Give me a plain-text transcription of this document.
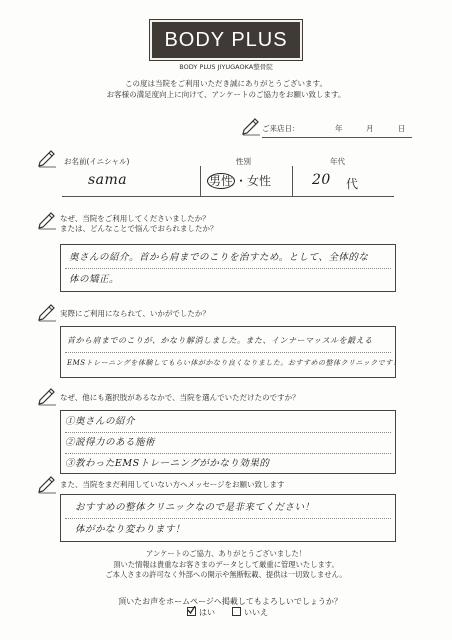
BODY PLUS
BODY PLUS JIYUGAOKA整骨院
この度は当院をご利用いただき誠にありがとうございます。
お客様の満足度向上に向けて、アンケートのご協力をお願い致します。
ご来店日：	年	月	日
お名前(イニシャル)	性別	年代
sama	男性 ・女性	20 代
なぜ、当院をご利用してくださいましたか？
または、どんなことで悩んでおられましたか？
奥さんの紹介。首から肩までのこりを治すため。として、全体的な
体の矯正。
実際にご利用になられて、いかがでしたか？
首から肩までのこりが、かなり解消しました。また、インナーマッスルを鍛える
EMSトレーニングを体験してもらい体がかなり良くなりました。おすすめの整体クリニックです！
なぜ、他にも選択肢があるなかで、当院を選んでいただけたのですか？
①奥さんの紹介
②説得力のある施術
③教わったEMSトレーニングがかなり効果的
また、当院をまだ利用していない方へメッセージをお願い致します
おすすめの整体クリニックなので是非来てください！
体がかなり変わります！
アンケートのご協力、ありがとうございました！
頂いた情報は貴重なお客さまのデータとして厳重に管理いたします。
ご本人さまの許可なく外部への開示や無断転載、提供は一切致しません。
頂いたお声をホームページへ掲載してもよろしいでしょうか？
はい	いいえ
